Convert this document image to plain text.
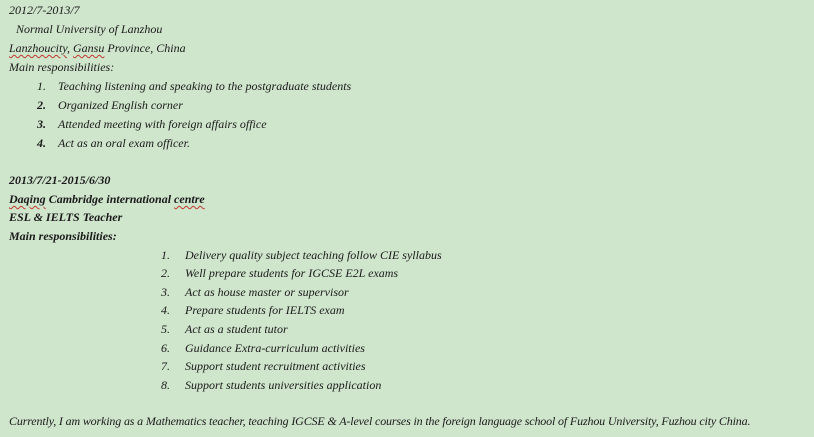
2012/7-2013/7
Normal University of Lanzhou
Lanzhoucity, Gansu Province, China
Main responsibilities:
1. Teaching listening and speaking to the postgraduate students
2. Organized English corner
3. Attended meeting with foreign affairs office
4. Act as an oral exam officer.
2013/7/21-2015/6/30
Daqing Cambridge international centre
ESL & IELTS Teacher
Main responsibilities:
1. Delivery quality subject teaching follow CIE syllabus
2. Well prepare students for IGCSE E2L exams
3. Act as house master or supervisor
4. Prepare students for IELTS exam
5. Act as a student tutor
6. Guidance Extra-curriculum activities
7. Support student recruitment activities
8. Support students universities application
Currently, I am working as a Mathematics teacher, teaching IGCSE & A-level courses in the foreign language school of Fuzhou University, Fuzhou city China.
